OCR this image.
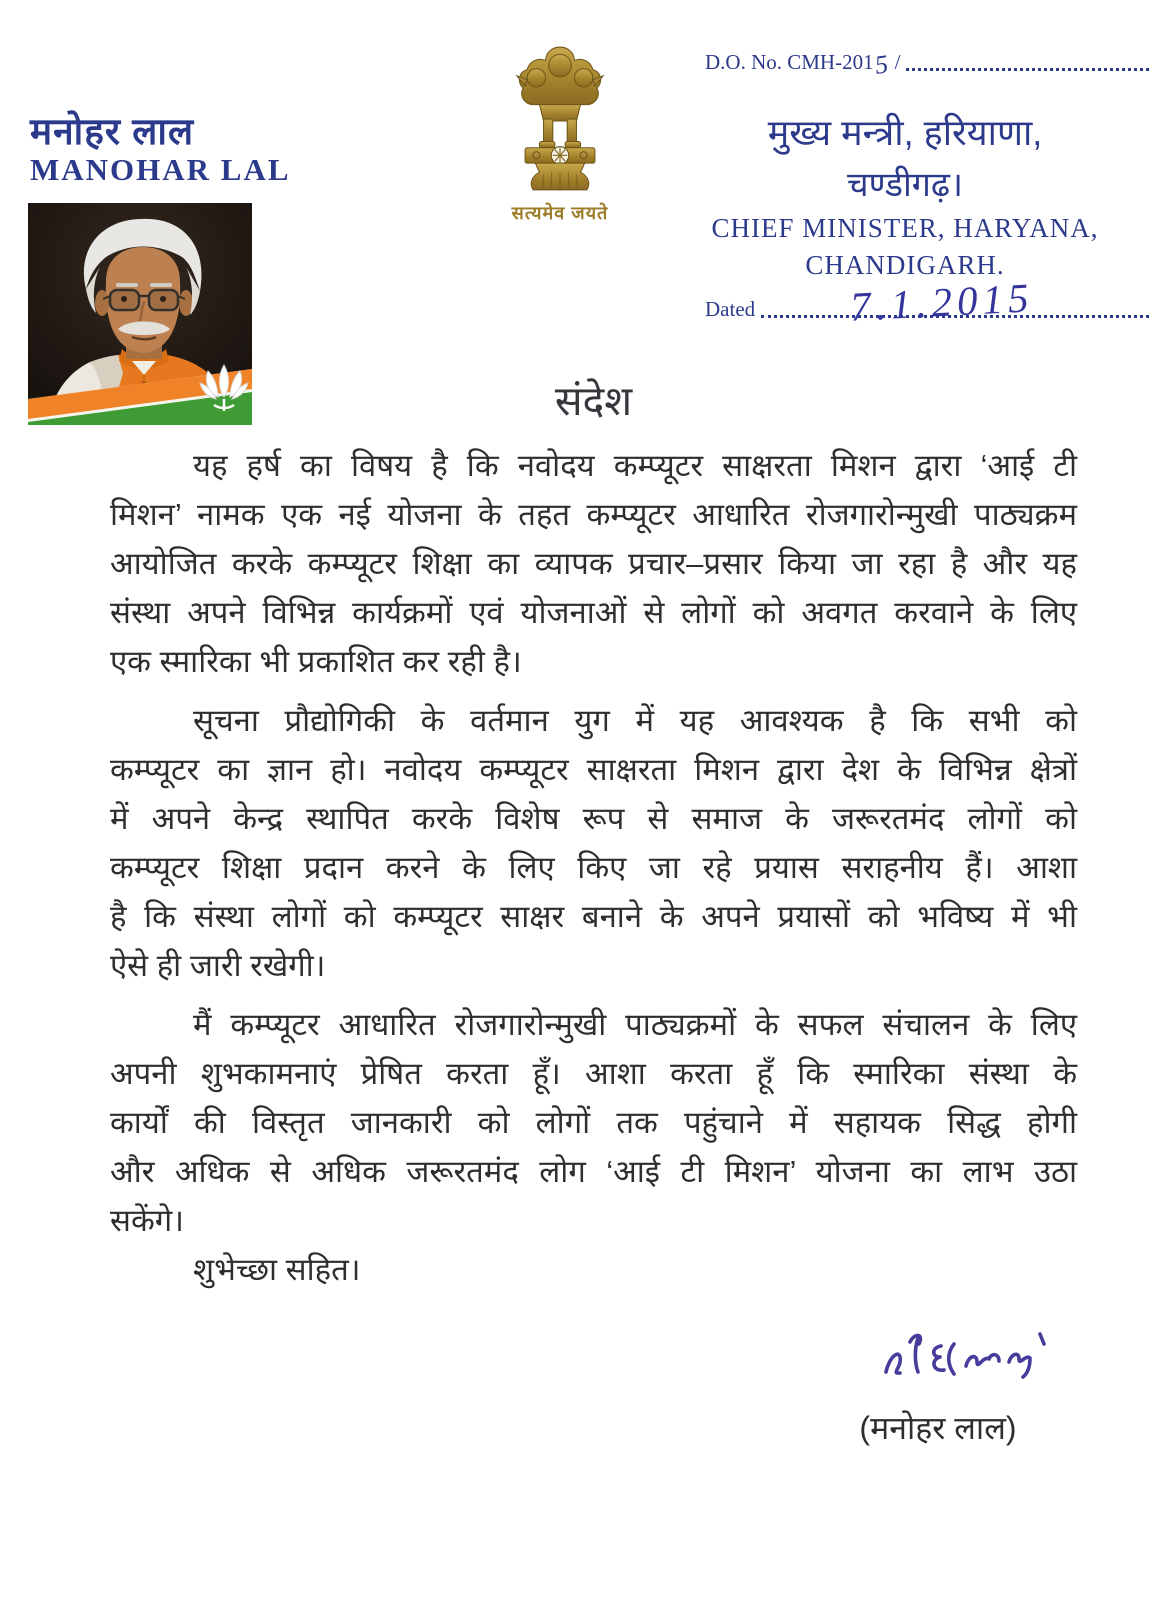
मनोहर लाल
MANOHAR LAL
सत्यमेव जयते
D.O. No. CMH-201 5 /
मुख्य मन्त्री, हरियाणा,
चण्डीगढ़।
CHIEF MINISTER, HARYANA,
CHANDIGARH.
Dated 7.1.2015
संदेश
यह हर्ष का विषय है कि नवोदय कम्प्यूटर साक्षरता मिशन द्वारा ‘आई टी
मिशन’ नामक एक नई योजना के तहत कम्प्यूटर आधारित रोजगारोन्मुखी पाठ्यक्रम
आयोजित करके कम्प्यूटर शिक्षा का व्यापक प्रचार–प्रसार किया जा रहा है और यह
संस्था अपने विभिन्न कार्यक्रमों एवं योजनाओं से लोगों को अवगत करवाने के लिए
एक स्मारिका भी प्रकाशित कर रही है।
सूचना प्रौद्योगिकी के वर्तमान युग में यह आवश्यक है कि सभी को
कम्प्यूटर का ज्ञान हो। नवोदय कम्प्यूटर साक्षरता मिशन द्वारा देश के विभिन्न क्षेत्रों
में अपने केन्द्र स्थापित करके विशेष रूप से समाज के जरूरतमंद लोगों को
कम्प्यूटर शिक्षा प्रदान करने के लिए किए जा रहे प्रयास सराहनीय हैं। आशा
है कि संस्था लोगों को कम्प्यूटर साक्षर बनाने के अपने प्रयासों को भविष्य में भी
ऐसे ही जारी रखेगी।
मैं कम्प्यूटर आधारित रोजगारोन्मुखी पाठ्यक्रमों के सफल संचालन के लिए
अपनी शुभकामनाएं प्रेषित करता हूँ। आशा करता हूँ कि स्मारिका संस्था के
कार्यों की विस्तृत जानकारी को लोगों तक पहुंचाने में सहायक सिद्ध होगी
और अधिक से अधिक जरूरतमंद लोग ‘आई टी मिशन’ योजना का लाभ उठा
सकेंगे।
शुभेच्छा सहित।
(मनोहर लाल)
